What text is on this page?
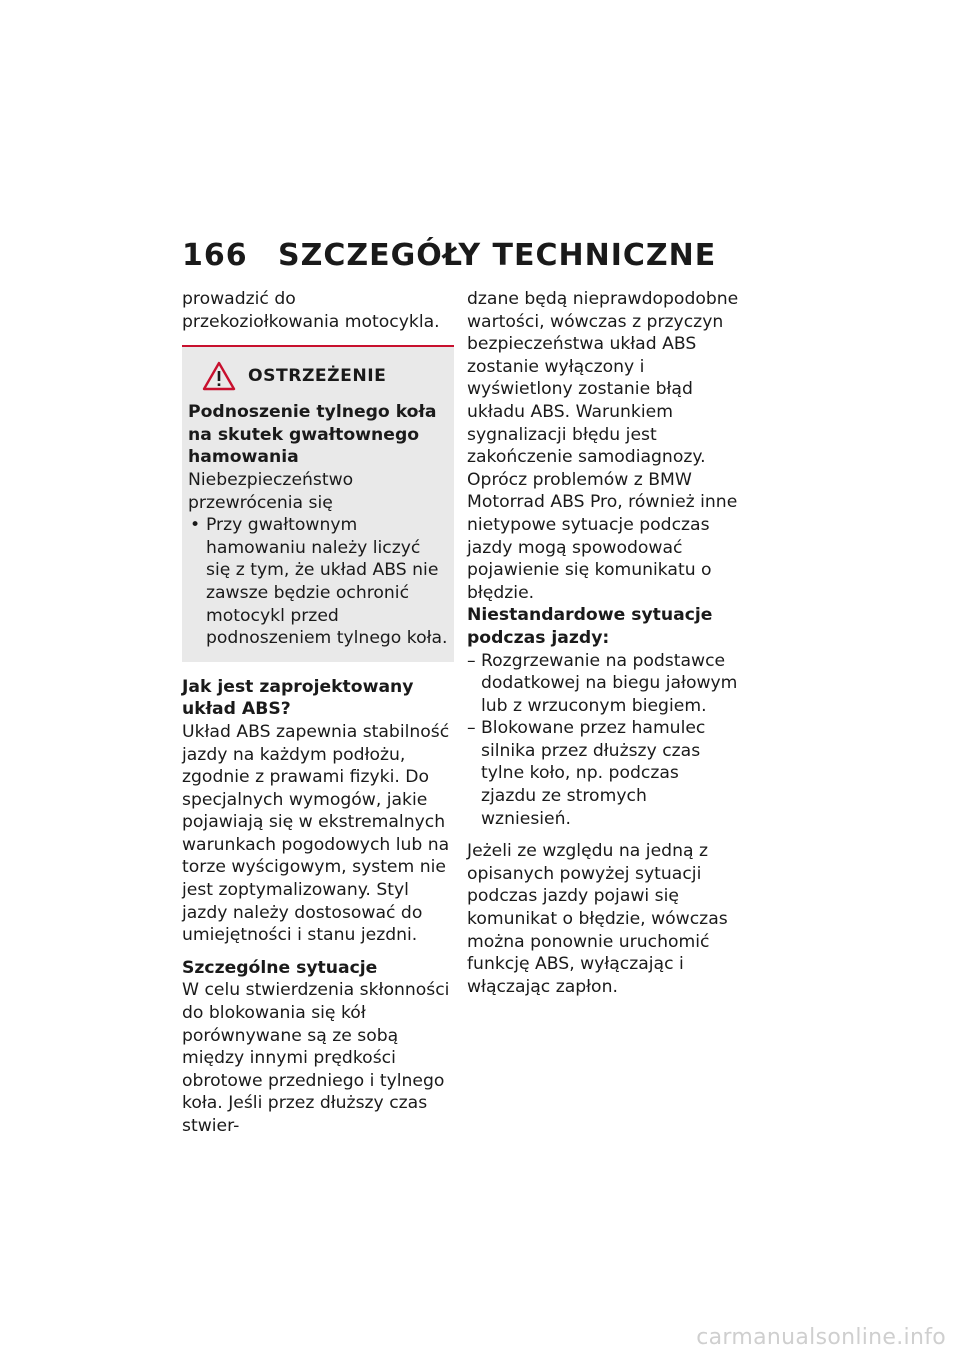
166 SZCZEGÓŁY TECHNICZNE

prowadzić do przekoziołkowania motocykla.

OSTRZEŻENIE

Podnoszenie tylnego koła na skutek gwałtownego hamowania

Niebezpieczeństwo przewrócenia się

• Przy gwałtownym hamowaniu należy liczyć się z tym, że układ ABS nie zawsze będzie ochronić motocykl przed podnoszeniem tylnego koła.

Jak jest zaprojektowany układ ABS?

Układ ABS zapewnia stabilność jazdy na każdym podłożu, zgodnie z prawami fizyki. Do specjalnych wymogów, jakie pojawiają się w ekstremalnych warunkach pogodowych lub na torze wyścigowym, system nie jest zoptymalizowany. Styl jazdy należy dostosować do umiejętności i stanu jezdni.

Szczególne sytuacje

W celu stwierdzenia skłonności do blokowania się kół porównywane są ze sobą między innymi prędkości obrotowe przedniego i tylnego koła. Jeśli przez dłuższy czas stwier-

dzane będą nieprawdopodobne wartości, wówczas z przyczyn bezpieczeństwa układ ABS zostanie wyłączony i wyświetlony zostanie błąd układu ABS. Warunkiem sygnalizacji błędu jest zakończenie samodiagnozy.

Oprócz problemów z BMW Motorrad ABS Pro, również inne nietypowe sytuacje podczas jazdy mogą spowodować pojawienie się komunikatu o błędzie.

Niestandardowe sytuacje podczas jazdy:

– Rozgrzewanie na podstawce dodatkowej na biegu jałowym lub z wrzuconym biegiem.
– Blokowane przez hamulec silnika przez dłuższy czas tylne koło, np. podczas zjazdu ze stromych wzniesień.

Jeżeli ze względu na jedną z opisanych powyżej sytuacji podczas jazdy pojawi się komunikat o błędzie, wówczas można ponownie uruchomić funkcję ABS, wyłączając i włączając zapłon.

carmanualsonline.info
